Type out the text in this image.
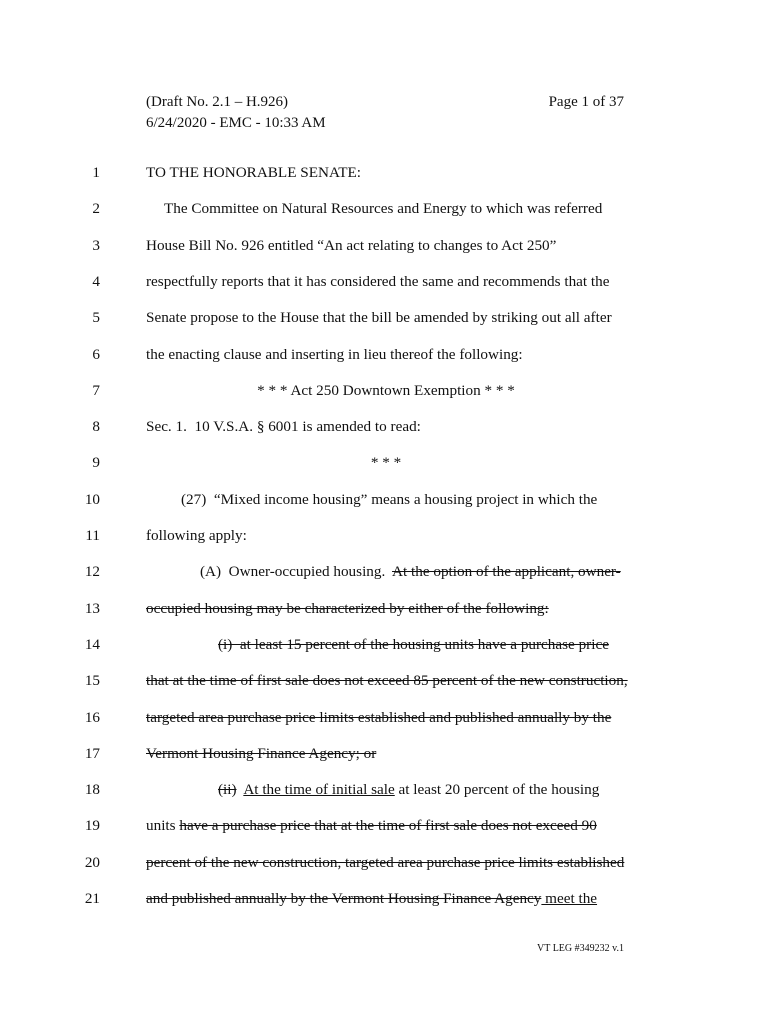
(Draft No. 2.1 – H.926)
6/24/2020 - EMC - 10:33 AM
Page 1 of 37
1	TO THE HONORABLE SENATE:
2	The Committee on Natural Resources and Energy to which was referred
3	House Bill No. 926 entitled “An act relating to changes to Act 250”
4	respectfully reports that it has considered the same and recommends that the
5	Senate propose to the House that the bill be amended by striking out all after
6	the enacting clause and inserting in lieu thereof the following:
7	* * * Act 250 Downtown Exemption * * *
8	Sec. 1.  10 V.S.A. § 6001 is amended to read:
9	* * *
10	(27)  “Mixed income housing” means a housing project in which the
11	following apply:
12	(A)  Owner-occupied housing.  At the option of the applicant, owner-
13	occupied housing may be characterized by either of the following:
14	(i)  at least 15 percent of the housing units have a purchase price
15	that at the time of first sale does not exceed 85 percent of the new construction,
16	targeted area purchase price limits established and published annually by the
17	Vermont Housing Finance Agency; or
18	(ii) At the time of initial sale at least 20 percent of the housing
19	units have a purchase price that at the time of first sale does not exceed 90
20	percent of the new construction, targeted area purchase price limits established
21	and published annually by the Vermont Housing Finance Agency meet the
VT LEG #349232 v.1
